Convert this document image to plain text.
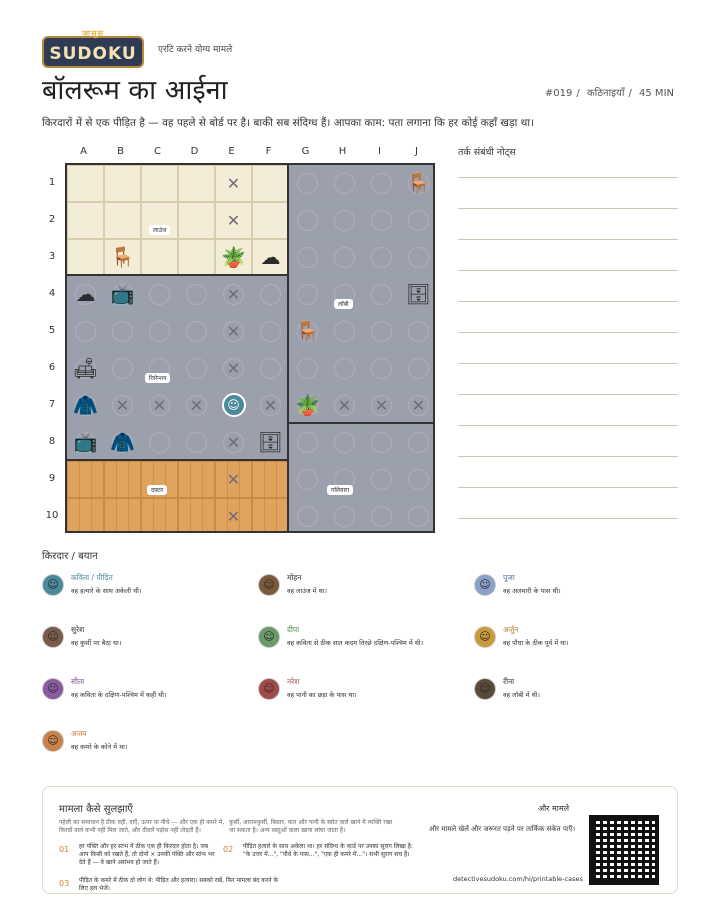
जासूस
SUDOKU	एरटि करने योग्य मामले
बॉलरूम का आईना	#019 / कठिनाइयाँ / 45 MIN
किरदारों में से एक पीड़ित है — वह पहले से बोर्ड पर है। बाकी सब संदिग्ध हैं। आपका काम: पता लगाना कि हर कोई कहाँ खड़ा था।
A	B	C	D	E	F	G	H	I	J
1
2
3
4
5
6
7
8
9
10
लाउंज
लॉबी
रिसेप्शन
दफ़्तर	गलियारा
✕
✕
✕
✕
✕
✕
✕
✕
✕	✕	✕	✕	✕	✕	✕
🪑
🪑	🪴 ☁
☁ 📺	🗄
🪑
🛋
🧥	🪴
📺 🧥	🗄
☺
तर्क संबंधी नोट्स
किरदार / बयान
☺
कविता / पीड़ित
वह हत्यारे के साथ अकेली थी।	☺
मोहन
वह लाउंज में था।	☺
पूजा
वह अलमारी के पास थी।
☺
सुरेश
वह कुर्सी पर बैठा था।	☺
दीपा
वह कविता से ठीक सात कदम तिरछे दक्षिण-पश्चिम में थी।	☺
अर्जुन
वह पौधा के ठीक पूर्व में था।
☺
सीता
वह कविता के दक्षिण-पश्चिम में कहीं थी।	☺
नरेश
वह पानी का छड़ा के पास था।	☺
रीना
वह लॉबी में थी।
☺
अजय
वह कमरे के कोने में था।
मामला कैसे सुलझाएँ
पहेली का समाधान है ठीक वही, दाएँ, ऊपर या नीचे — और एक ही कमरे में, किरदों वाले कभी नहीं मिल जाते, और दीवारें पड़ोस नहीं तोड़ती हैं।
कुर्सी, आरामकुर्सी, बिस्तर, कार और पानी के स्त्रोत वाले खाने में व्यक्ति रखा जा सकता है। अन्य वस्तुओं वाला खाना लांघा जाता है।
01 हर पंक्ति और हर स्तंभ में ठीक एक ही किरदार होता है। जब आप किसी को रखते हैं, तो दोनों × उनकी पंक्ति और स्तंभ भर देते हैं — वे खाने असंभव हो जाते हैं।
02 पीड़ित हत्यारे के साथ अकेला था। हर संदिग्ध के कार्ड पर उनका सुराग लिखा है: "के उत्तर में...", "पौधे के पास...", "एक ही कमरे में..."। सभी सुराग सच हैं।
03 पीड़ित के कमरे में ठीक दो लोग थे: पीड़ित और हत्यारा। सबको रखें, फिर मामला बंद करने के लिए हल भेजें।
और मामले
और मामले खेलें और जरूरत पड़ने पर तार्किक संकेत पाएँ।
detectivesudoku.com/hi/printable-cases
